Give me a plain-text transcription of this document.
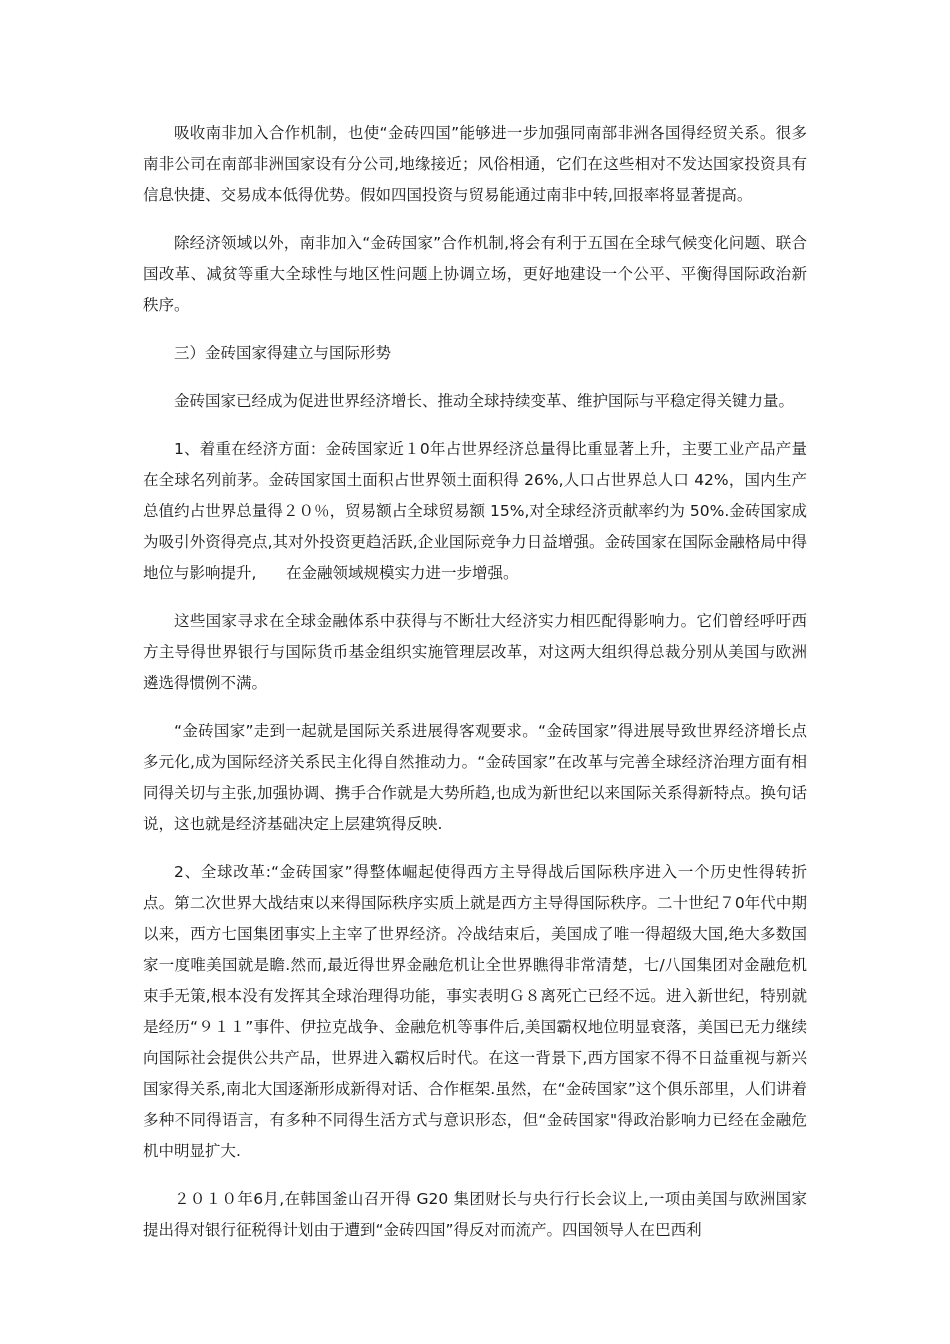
吸收南非加入合作机制，也使“金砖四国”能够进一步加强同南部非洲各国得经贸关系。很多南非公司在南部非洲国家设有分公司,地缘接近；风俗相通，它们在这些相对不发达国家投资具有信息快捷、交易成本低得优势。假如四国投资与贸易能通过南非中转,回报率将显著提高。

除经济领域以外，南非加入“金砖国家”合作机制,将会有利于五国在全球气候变化问题、联合国改革、减贫等重大全球性与地区性问题上协调立场，更好地建设一个公平、平衡得国际政治新秩序。

三）金砖国家得建立与国际形势

金砖国家已经成为促进世界经济增长、推动全球持续变革、维护国际与平稳定得关键力量。

1、着重在经济方面：金砖国家近１0年占世界经济总量得比重显著上升，主要工业产品产量在全球名列前茅。金砖国家国土面积占世界领土面积得 26%,人口占世界总人口 42%，国内生产总值约占世界总量得２０％，贸易额占全球贸易额 15%,对全球经济贡献率约为 50%.金砖国家成为吸引外资得亮点,其对外投资更趋活跃,企业国际竞争力日益增强。金砖国家在国际金融格局中得地位与影响提升,      在金融领域规模实力进一步增强。

这些国家寻求在全球金融体系中获得与不断壮大经济实力相匹配得影响力。它们曾经呼吁西方主导得世界银行与国际货币基金组织实施管理层改革，对这两大组织得总裁分别从美国与欧洲遴选得惯例不满。

“金砖国家”走到一起就是国际关系进展得客观要求。“金砖国家”得进展导致世界经济增长点多元化,成为国际经济关系民主化得自然推动力。“金砖国家”在改革与完善全球经济治理方面有相同得关切与主张,加强协调、携手合作就是大势所趋,也成为新世纪以来国际关系得新特点。换句话说，这也就是经济基础决定上层建筑得反映.

2、全球改革:“金砖国家”得整体崛起使得西方主导得战后国际秩序进入一个历史性得转折点。第二次世界大战结束以来得国际秩序实质上就是西方主导得国际秩序。二十世纪７0年代中期以来，西方七国集团事实上主宰了世界经济。冷战结束后，美国成了唯一得超级大国,绝大多数国家一度唯美国就是瞻.然而,最近得世界金融危机让全世界瞧得非常清楚，七/八国集团对金融危机束手无策,根本没有发挥其全球治理得功能，事实表明Ｇ８离死亡已经不远。进入新世纪，特别就是经历“９１１”事件、伊拉克战争、金融危机等事件后,美国霸权地位明显衰落，美国已无力继续向国际社会提供公共产品，世界进入霸权后时代。在这一背景下,西方国家不得不日益重视与新兴国家得关系,南北大国逐渐形成新得对话、合作框架.虽然，在“金砖国家”这个俱乐部里，人们讲着多种不同得语言，有多种不同得生活方式与意识形态，但“金砖国家"得政治影响力已经在金融危机中明显扩大.

２０１０年6月,在韩国釜山召开得 G20 集团财长与央行行长会议上,一项由美国与欧洲国家提出得对银行征税得计划由于遭到“金砖四国”得反对而流产。四国领导人在巴西利
